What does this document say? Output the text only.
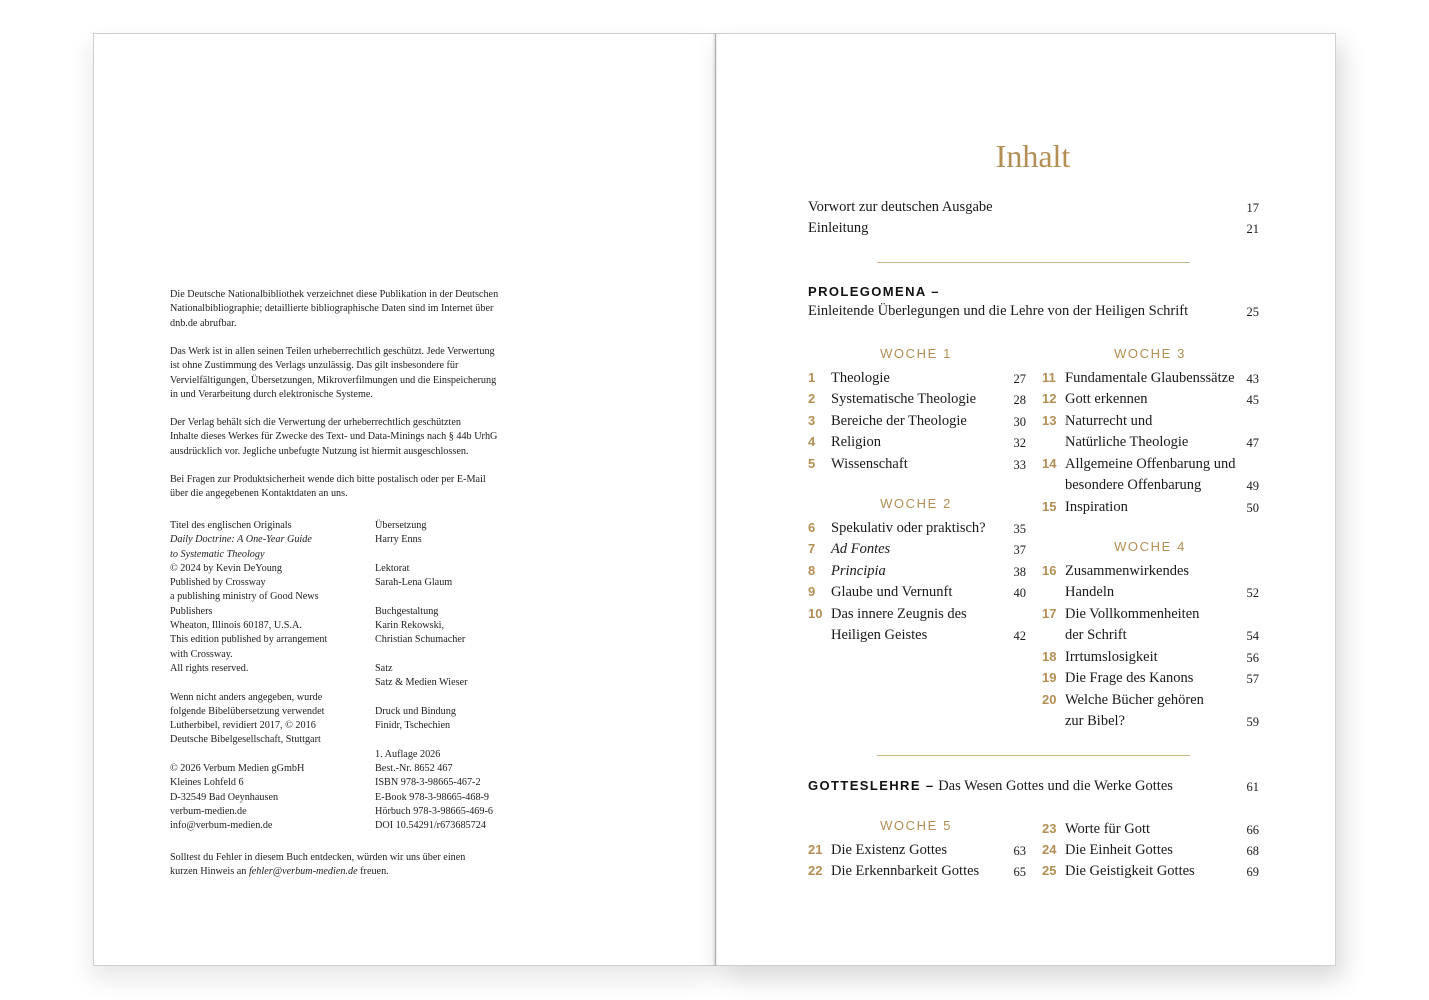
Die Deutsche Nationalbibliothek verzeichnet diese Publikation in der Deutschen

Nationalbibliographie; detaillierte bibliographische Daten sind im Internet über

dnb.de abrufbar.

Das Werk ist in allen seinen Teilen urheberrechtlich geschützt. Jede Verwertung

ist ohne Zustimmung des Verlags unzulässig. Das gilt insbesondere für

Vervielfältigungen, Übersetzungen, Mikroverfilmungen und die Einspeicherung

in und Verarbeitung durch elektronische Systeme.

Der Verlag behält sich die Verwertung der urheberrechtlich geschützten

Inhalte dieses Werkes für Zwecke des Text- und Data-Minings nach § 44b UrhG

ausdrücklich vor. Jegliche unbefugte Nutzung ist hiermit ausgeschlossen.

Bei Fragen zur Produktsicherheit wende dich bitte postalisch oder per E-Mail

über die angegebenen Kontaktdaten an uns.

Titel des englischen Originals

Daily Doctrine: A One-Year Guide

to Systematic Theology

© 2024 by Kevin DeYoung

Published by Crossway

a publishing ministry of Good News

Publishers

Wheaton, Illinois 60187, U.S.A.

This edition published by arrangement

with Crossway.

All rights reserved.

Wenn nicht anders angegeben, wurde

folgende Bibelübersetzung verwendet

Lutherbibel, revidiert 2017, © 2016

Deutsche Bibelgesellschaft, Stuttgart

© 2026 Verbum Medien gGmbH

Kleines Lohfeld 6

D-32549 Bad Oeynhausen

verbum-medien.de

info@verbum-medien.de

Übersetzung

Harry Enns

Lektorat

Sarah-Lena Glaum

Buchgestaltung

Karin Rekowski,

Christian Schumacher

Satz

Satz & Medien Wieser

Druck und Bindung

Finidr, Tschechien

1. Auflage 2026

Best.-Nr. 8652 467

ISBN 978-3-98665-467-2

E-Book 978-3-98665-468-9

Hörbuch 978-3-98665-469-6

DOI 10.54291/r673685724

Solltest du Fehler in diesem Buch entdecken, würden wir uns über einen

kurzen Hinweis an fehler@verbum-medien.de freuen.

Inhalt
Vorwort zur deutschen Ausgabe	17
Einleitung	21
PROLEGOMENA –
Einleitende Überlegungen und die Lehre von der Heiligen Schrift	25
WOCHE 1
WOCHE 2
WOCHE 3
WOCHE 4
WOCHE 5
1 Theologie	27
2 Systematische Theologie	28
3 Bereiche der Theologie	30
4 Religion	32
5 Wissenschaft	33
6 Spekulativ oder praktisch?	35
7 Ad Fontes	37
8 Principia	38
9 Glaube und Vernunft	40
10 Das innere Zeugnis des
Heiligen Geistes	42
11 Fundamentale Glaubenssätze 43
12 Gott erkennen	45
13 Naturrecht und
Natürliche Theologie	47
14 Allgemeine Offenbarung und
besondere Offenbarung	49
15 Inspiration	50
16 Zusammenwirkendes
Handeln	52
17 Die Vollkommenheiten
der Schrift	54
18 Irrtumslosigkeit	56
19 Die Frage des Kanons	57
20 Welche Bücher gehören
zur Bibel?	59
GOTTESLEHRE – Das Wesen Gottes und die Werke Gottes	61
21 Die Existenz Gottes	63
22 Die Erkennbarkeit Gottes	65
23 Worte für Gott	66
24 Die Einheit Gottes	68
25 Die Geistigkeit Gottes	69
